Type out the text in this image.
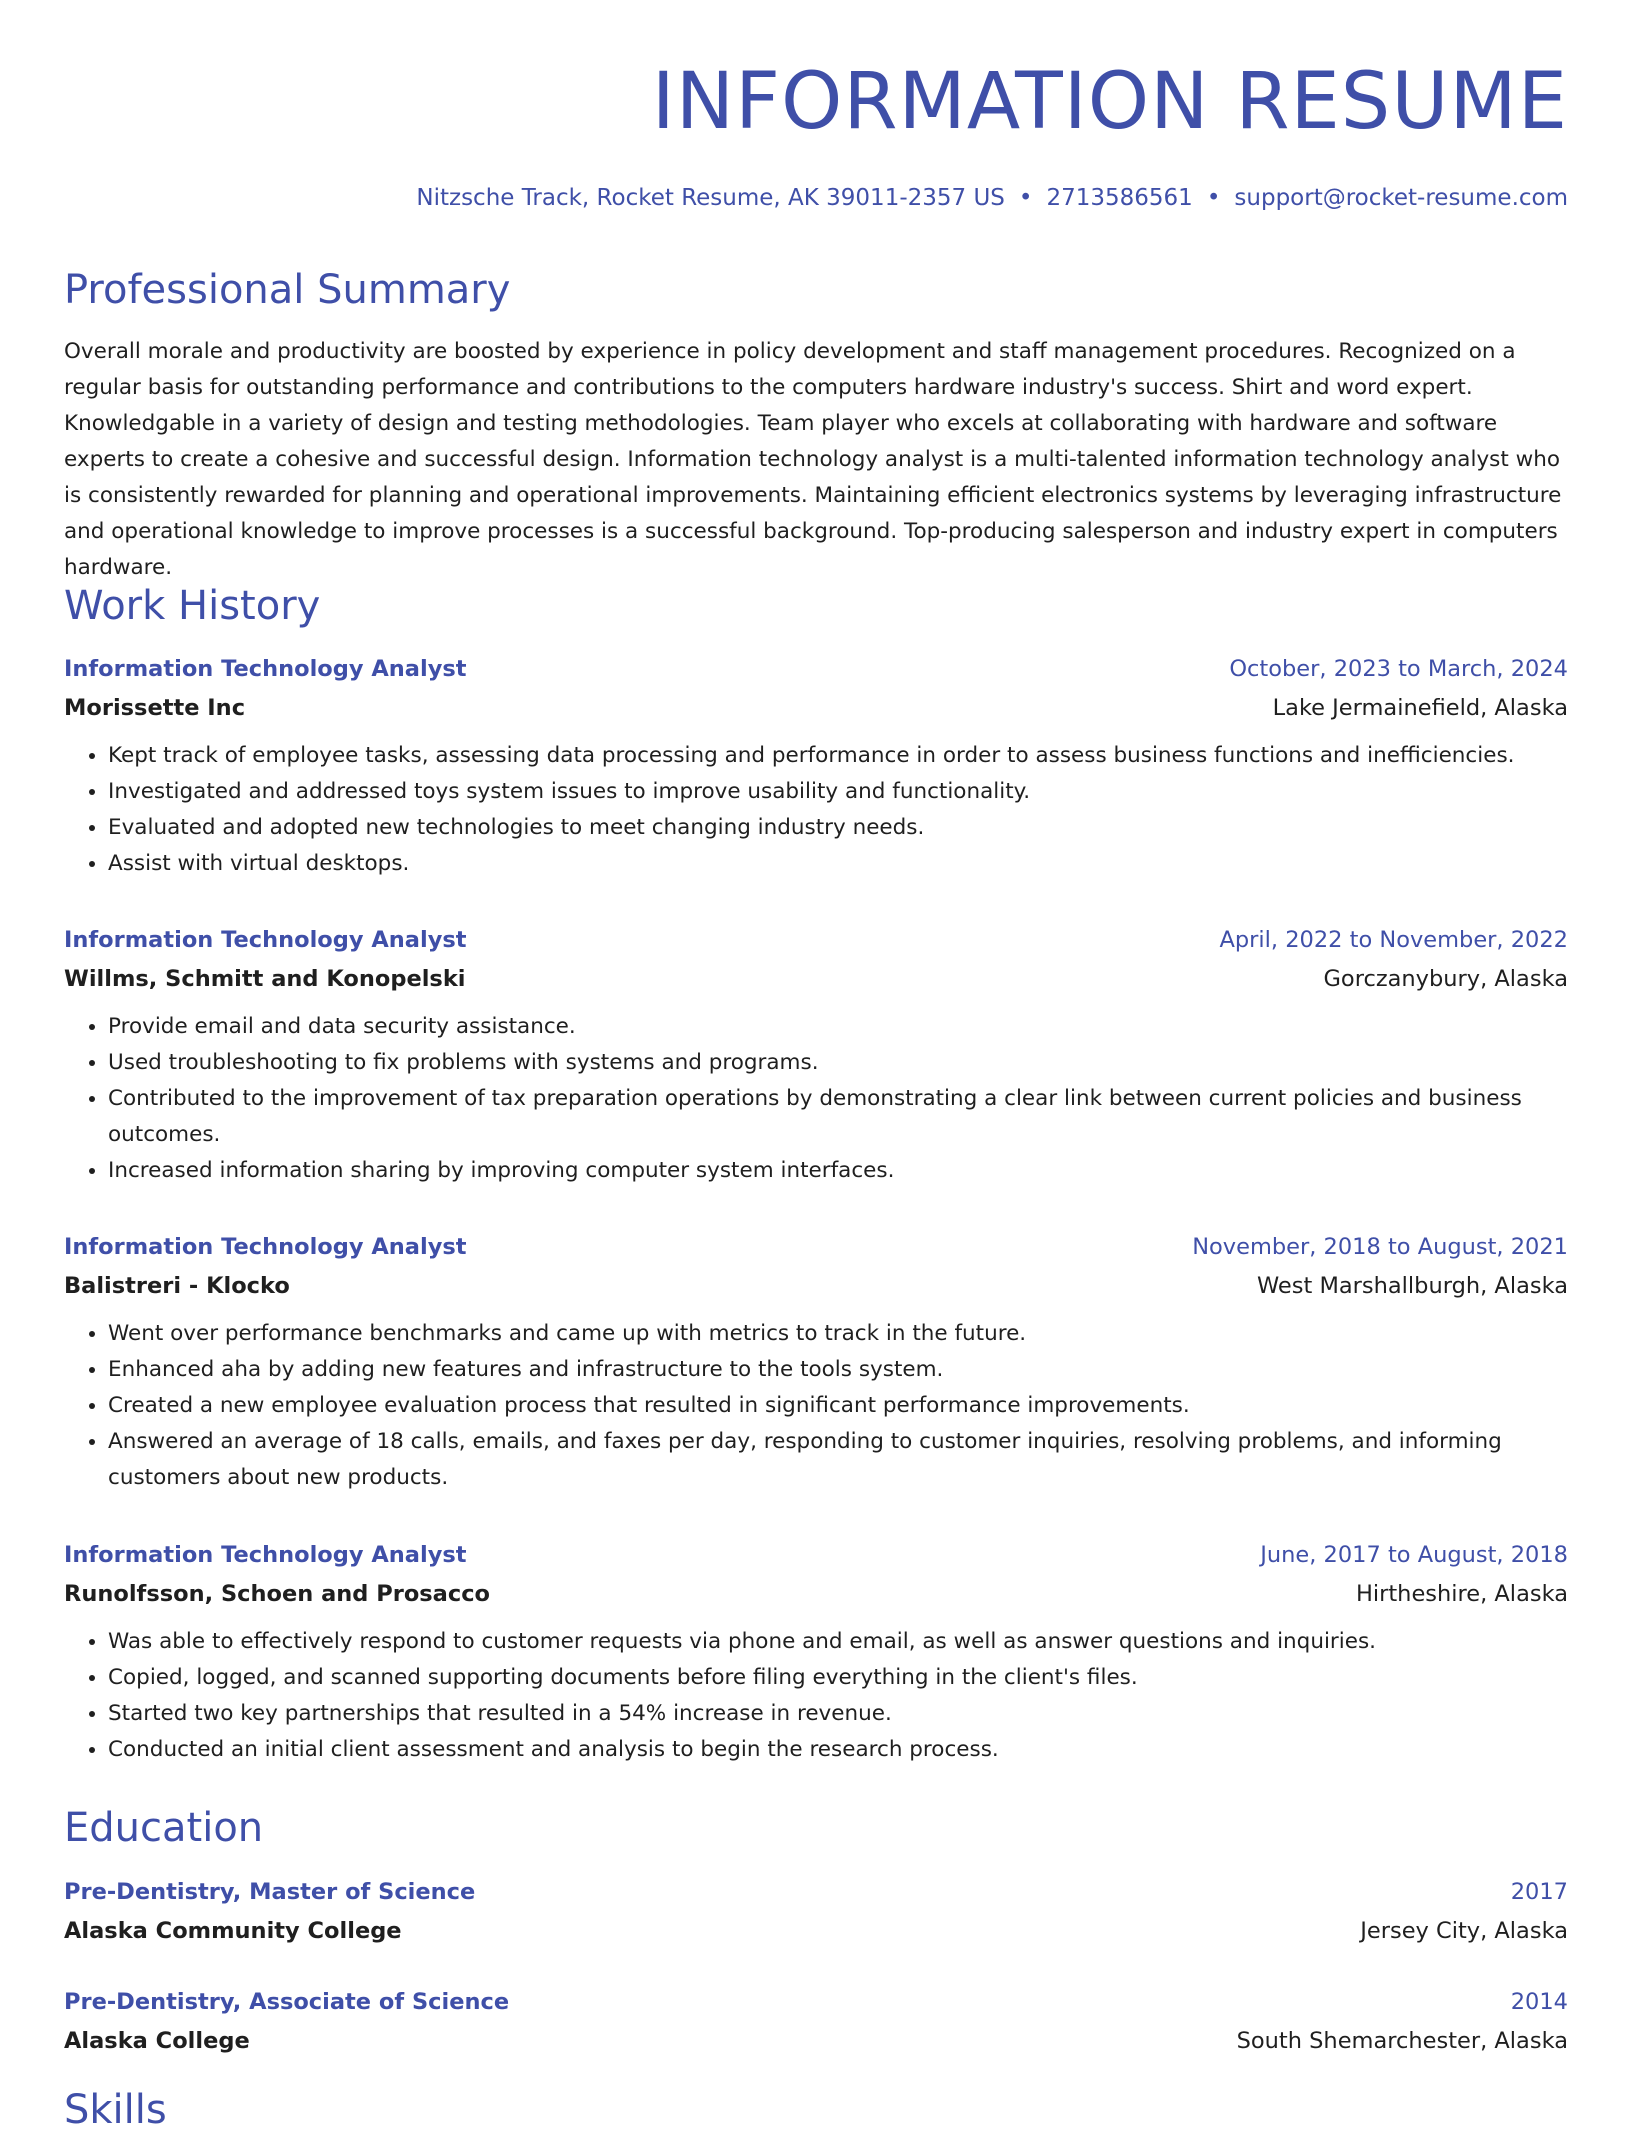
INFORMATION RESUME
Nitzsche Track, Rocket Resume, AK 39011-2357 US • 2713586561 • support@rocket-resume.com
Professional Summary

Overall morale and productivity are boosted by experience in policy development and staff management procedures. Recognized on a regular basis for outstanding performance and contributions to the computers hardware industry's success. Shirt and word expert. Knowledgable in a variety of design and testing methodologies. Team player who excels at collaborating with hardware and software experts to create a cohesive and successful design. Information technology analyst is a multi-talented information technology analyst who is consistently rewarded for planning and operational improvements. Maintaining efficient electronics systems by leveraging infrastructure and operational knowledge to improve processes is a successful background. Top-producing salesperson and industry expert in computers hardware.

Work History
Information Technology Analyst	October, 2023 to March, 2024
Morissette Inc	Lake Jermainefield, Alaska
• Kept track of employee tasks, assessing data processing and performance in order to assess business functions and inefficiencies.
• Investigated and addressed toys system issues to improve usability and functionality.
• Evaluated and adopted new technologies to meet changing industry needs.
• Assist with virtual desktops.
Information Technology Analyst	April, 2022 to November, 2022
Willms, Schmitt and Konopelski	Gorczanybury, Alaska
• Provide email and data security assistance.
• Used troubleshooting to fix problems with systems and programs.
• Contributed to the improvement of tax preparation operations by demonstrating a clear link between current policies and business outcomes.
• Increased information sharing by improving computer system interfaces.
Information Technology Analyst	November, 2018 to August, 2021
Balistreri - Klocko	West Marshallburgh, Alaska
• Went over performance benchmarks and came up with metrics to track in the future.
• Enhanced aha by adding new features and infrastructure to the tools system.
• Created a new employee evaluation process that resulted in significant performance improvements.
• Answered an average of 18 calls, emails, and faxes per day, responding to customer inquiries, resolving problems, and informing customers about new products.
Information Technology Analyst	June, 2017 to August, 2018
Runolfsson, Schoen and Prosacco	Hirtheshire, Alaska
• Was able to effectively respond to customer requests via phone and email, as well as answer questions and inquiries.
• Copied, logged, and scanned supporting documents before filing everything in the client's files.
• Started two key partnerships that resulted in a 54% increase in revenue.
• Conducted an initial client assessment and analysis to begin the research process.
Education
Pre-Dentistry, Master of Science	2017
Alaska Community College	Jersey City, Alaska
Pre-Dentistry, Associate of Science	2014
Alaska College	South Shemarchester, Alaska
Skills
